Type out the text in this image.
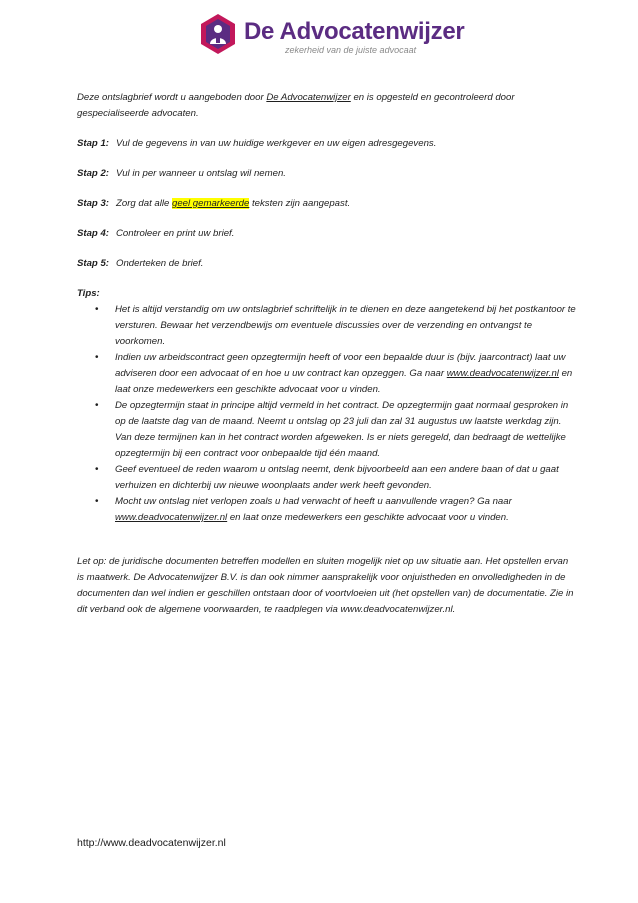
De Advocatenwijzer
zekerheid van de juiste advocaat

Deze ontslagbrief wordt u aangeboden door De Advocatenwijzer en is opgesteld en gecontroleerd door gespecialiseerde advocaten.

Stap 1: Vul de gegevens in van uw huidige werkgever en uw eigen adresgegevens.
Stap 2: Vul in per wanneer u ontslag wil nemen.
Stap 3: Zorg dat alle geel gemarkeerde teksten zijn aangepast.
Stap 4: Controleer en print uw brief.
Stap 5: Onderteken de brief.

Tips:

• Het is altijd verstandig om uw ontslagbrief schriftelijk in te dienen en deze aangetekend bij het postkantoor te versturen. Bewaar het verzendbewijs om eventuele discussies over de verzending en ontvangst te voorkomen.
• Indien uw arbeidscontract geen opzegtermijn heeft of voor een bepaalde duur is (bijv. jaarcontract) laat uw adviseren door een advocaat of en hoe u uw contract kan opzeggen. Ga naar www.deadvocatenwijzer.nl en laat onze medewerkers een geschikte advocaat voor u vinden.
• De opzegtermijn staat in principe altijd vermeld in het contract. De opzegtermijn gaat normaal gesproken in op de laatste dag van de maand. Neemt u ontslag op 23 juli dan zal 31 augustus uw laatste werkdag zijn. Van deze termijnen kan in het contract worden afgeweken. Is er niets geregeld, dan bedraagt de wettelijke opzegtermijn bij een contract voor onbepaalde tijd één maand.
• Geef eventueel de reden waarom u ontslag neemt, denk bijvoorbeeld aan een andere baan of dat u gaat verhuizen en dichterbij uw nieuwe woonplaats ander werk heeft gevonden.
• Mocht uw ontslag niet verlopen zoals u had verwacht of heeft u aanvullende vragen? Ga naar www.deadvocatenwijzer.nl en laat onze medewerkers een geschikte advocaat voor u vinden.

Let op: de juridische documenten betreffen modellen en sluiten mogelijk niet op uw situatie aan. Het opstellen ervan is maatwerk. De Advocatenwijzer B.V. is dan ook nimmer aansprakelijk voor onjuistheden en onvolledigheden in de documenten dan wel indien er geschillen ontstaan door of voortvloeien uit (het opstellen van) de documentatie. Zie in dit verband ook de algemene voorwaarden, te raadplegen via www.deadvocatenwijzer.nl.

http://www.deadvocatenwijzer.nl
